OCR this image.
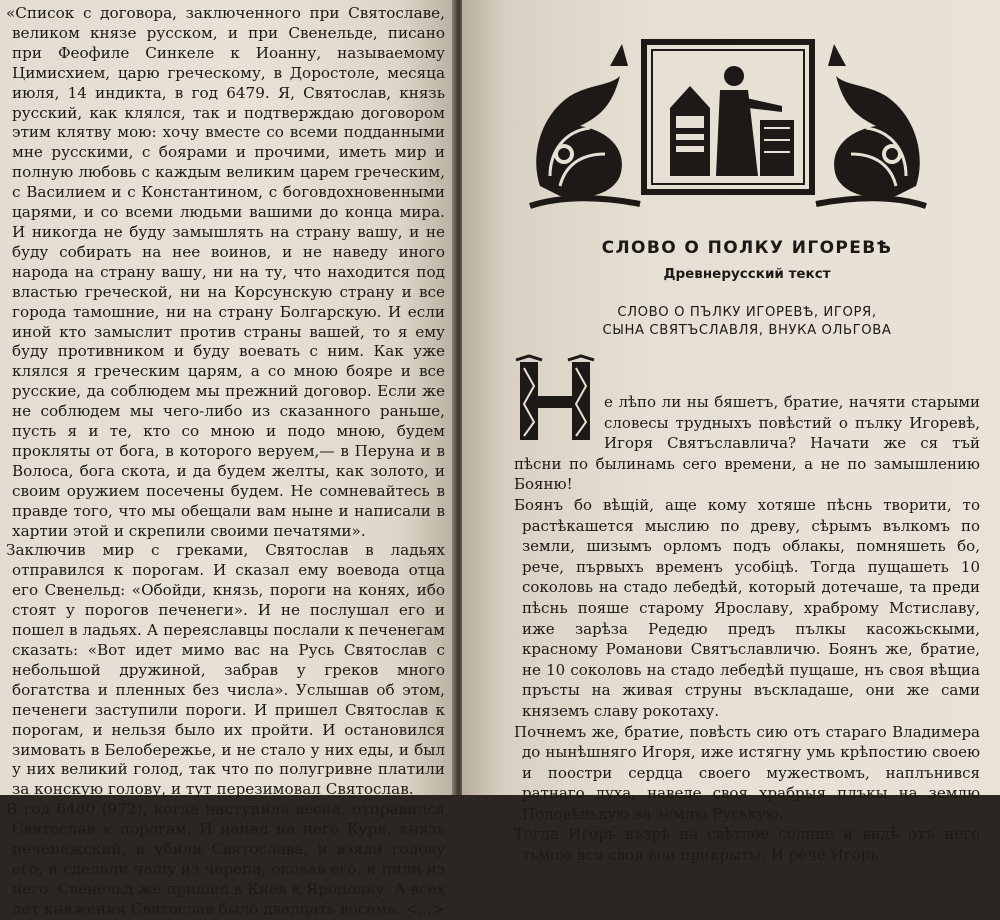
«Список с договора, заключенного при Святославе, великом князе русском, и при Свенельде, писано при Феофиле Синкеле к Иоанну, называемому Цимисхием, царю греческому, в Доростоле, месяца июля, 14 индикта, в год 6479. Я, Святослав, князь русский, как клялся, так и подтверждаю договором этим клятву мою: хочу вместе со всеми подданными мне русскими, с боярами и прочими, иметь мир и полную любовь с каждым великим царем греческим, с Василием и с Константином, с боговдохновенными царями, и со всеми людьми вашими до конца мира. И никогда не буду замышлять на страну вашу, и не буду собирать на нее воинов, и не наведу иного народа на страну вашу, ни на ту, что находится под властью греческой, ни на Корсунскую страну и все города тамошние, ни на страну Болгарскую. И если иной кто замыслит против страны вашей, то я ему буду противником и буду воевать с ним. Как уже клялся я греческим царям, а со мною бояре и все русские, да соблюдем мы прежний договор. Если же не соблюдем мы чего-либо из сказанного раньше, пусть я и те, кто со мною и подо мною, будем прокляты от бога, в которого веруем,— в Перуна и в Волоса, бога скота, и да будем желты, как золото, и своим оружием посечены будем. Не сомневайтесь в правде того, что мы обещали вам ныне и написали в хартии этой и скрепили своими печатями».

Заключив мир с греками, Святослав в ладьях отправился к порогам. И сказал ему воевода отца его Свенельд: «Обойди, князь, пороги на конях, ибо стоят у порогов печенеги». И не послушал его и пошел в ладьях. А переяславцы послали к печенегам сказать: «Вот идет мимо вас на Русь Святослав с небольшой дружиной, забрав у греков много богатства и пленных без числа». Услышав об этом, печенеги заступили пороги. И пришел Святослав к порогам, и нельзя было их пройти. И остановился зимовать в Белобережье, и не стало у них еды, и был у них великий голод, так что по полугривне платили за конскую голову, и тут перезимовал Святослав.

В год 6480 (972), когда наступила весна, отправился Святослав к порогам. И напал на него Куря, князь печенежский, и убили Святослава, и взяли голову его, и сделали чашу из черепа, оковав его, и пили из него. Свенельд же пришел в Киев к Ярополку. А всех лет княжения Святослав было двадцать восемь. <...>

СЛОВО О ПОЛКУ ИГОРЕВѢ
Древнерусский текст
СЛОВО О ПЪЛКУ ИГОРЕВѢ, ИГОРЯ,
СЫНА СВЯТЪСЛАВЛЯ, ВНУКА ОЛЬГОВА
Н	е лѣпо ли ны бяшетъ, братие, начяти старыми словесы трудныхъ повѣстий о пълку Игоревѣ, Игоря Святъславлича? Начати же ся тъй пѣсни по былинамь сего времени, а не по замышлению Бояню!

Боянъ бо вѣщій, аще кому хотяше пѣснь творити, то растѣкашется мыслию по древу, сѣрымъ вълкомъ по земли, шизымъ орломъ подъ облакы, помняшеть бо, рече, първыхъ временъ усобіцѣ. Тогда пущашеть 10 соколовь на стадо лебедѣй, который дотечаше, та преди пѣснь пояше старому Ярославу, храброму Мстиславу, иже зарѣза Редедю предъ пълкы касожьскыми, красному Романови Святъславличю. Боянъ же, братие, не 10 соколовь на стадо лебедѣй пущаше, нъ своя вѣщиа пръсты на живая струны въскладаше, они же сами княземъ славу рокотаху.

Почнемъ же, братие, повѣсть сию отъ стараго Владимера до нынѣшняго Игоря, иже истягну умь крѣпостию своею и поостри сердца своего мужествомъ, наплънився ратнаго духа, наведе своя храбрыя плъкы на землю Половѣцькую за землю Руськую.

Тогда Игорь възрѣ на свѣтлое солнце и видѣ отъ него тьмою вся своя вои прикрыты. И рече Игорь
